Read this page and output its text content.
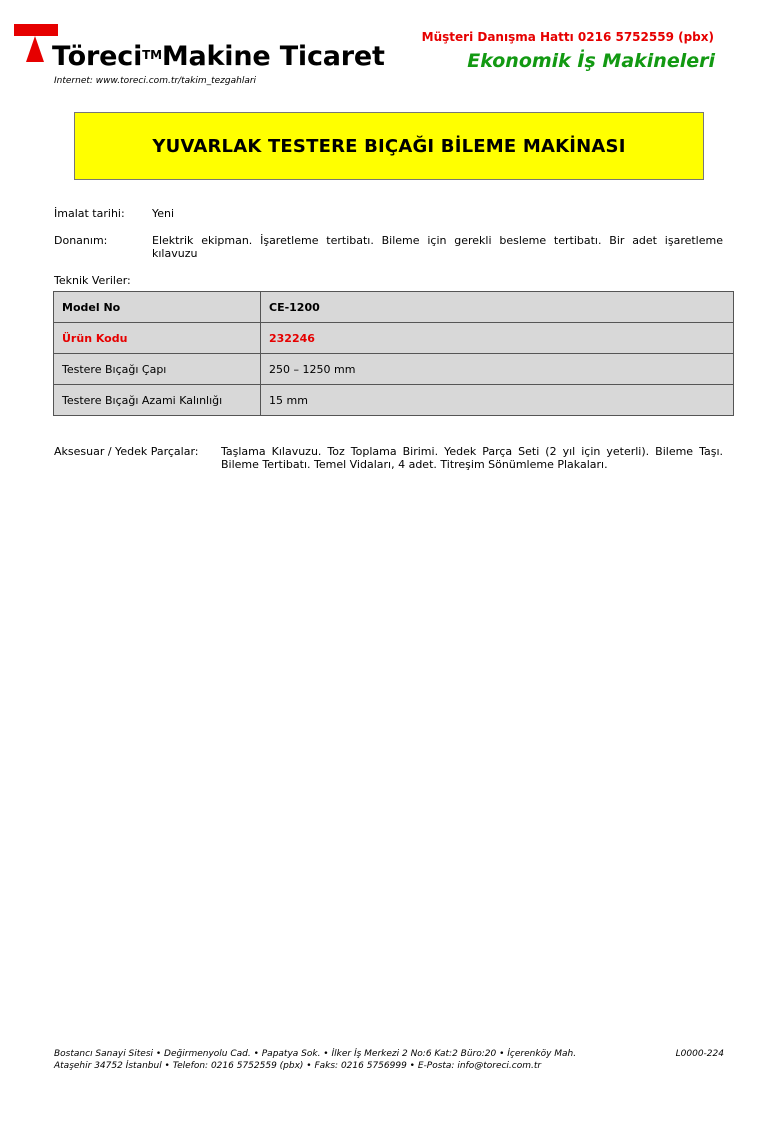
Töreci™Makine Ticaret
Internet: www.toreci.com.tr/takim_tezgahlari
Müşteri Danışma Hattı 0216 5752559 (pbx)
Ekonomik İş Makineleri
YUVARLAK TESTERE BIÇAĞI BİLEME MAKİNASI
İmalat tarihi: Yeni
Donanım:	Elektrik ekipman. İşaretleme tertibatı. Bileme için gerekli besleme tertibatı. Bir adet işaretleme kılavuzu
Teknik Veriler:
Model No	CE-1200
Ürün Kodu	232246
Testere Bıçağı Çapı	250 – 1250 mm
Testere Bıçağı Azami Kalınlığı	15 mm
Aksesuar / Yedek Parçalar: Taşlama Kılavuzu. Toz Toplama Birimi. Yedek Parça Seti (2 yıl için yeterli). Bileme Taşı. Bileme Tertibatı. Temel Vidaları, 4 adet. Titreşim Sönümleme Plakaları.
Bostancı Sanayi Sitesi • Değirmenyolu Cad. • Papatya Sok. • İlker İş Merkezi 2 No:6 Kat:2 Büro:20 • İçerenköy Mah.
Ataşehir 34752 İstanbul • Telefon: 0216 5752559 (pbx) • Faks: 0216 5756999 • E-Posta: info@toreci.com.tr
L0000-224
